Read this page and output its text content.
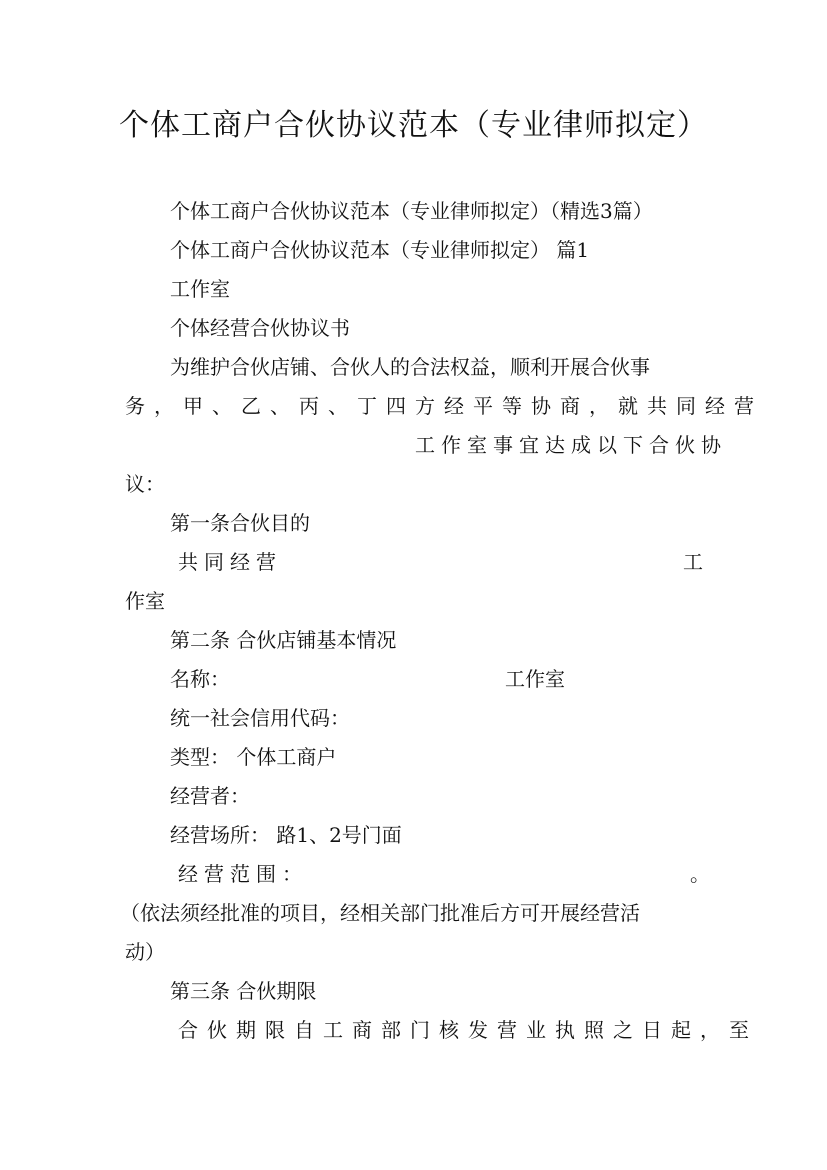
个体工商户合伙协议范本（专业律师拟定）
个体工商户合伙协议范本（专业律师拟定）（精选3篇）
个体工商户合伙协议范本（专业律师拟定） 篇1
工作室
个体经营合伙协议书
为维护合伙店铺、合伙人的合法权益，顺利开展合伙事
务，甲、乙、丙、丁四方经平等协商，就共同经营
工作室事宜达成以下合伙协
议：
第一条合伙目的
共同经营	工
作室
第二条 合伙店铺基本情况
名称：	工作室
统一社会信用代码：
类型： 个体工商户
经营者：
经营场所： 路1、2号门面
经营范围：	。
（依法须经批准的项目，经相关部门批准后方可开展经营活
动）
第三条 合伙期限
合伙期限自工商部门核发营业执照之日起，至
